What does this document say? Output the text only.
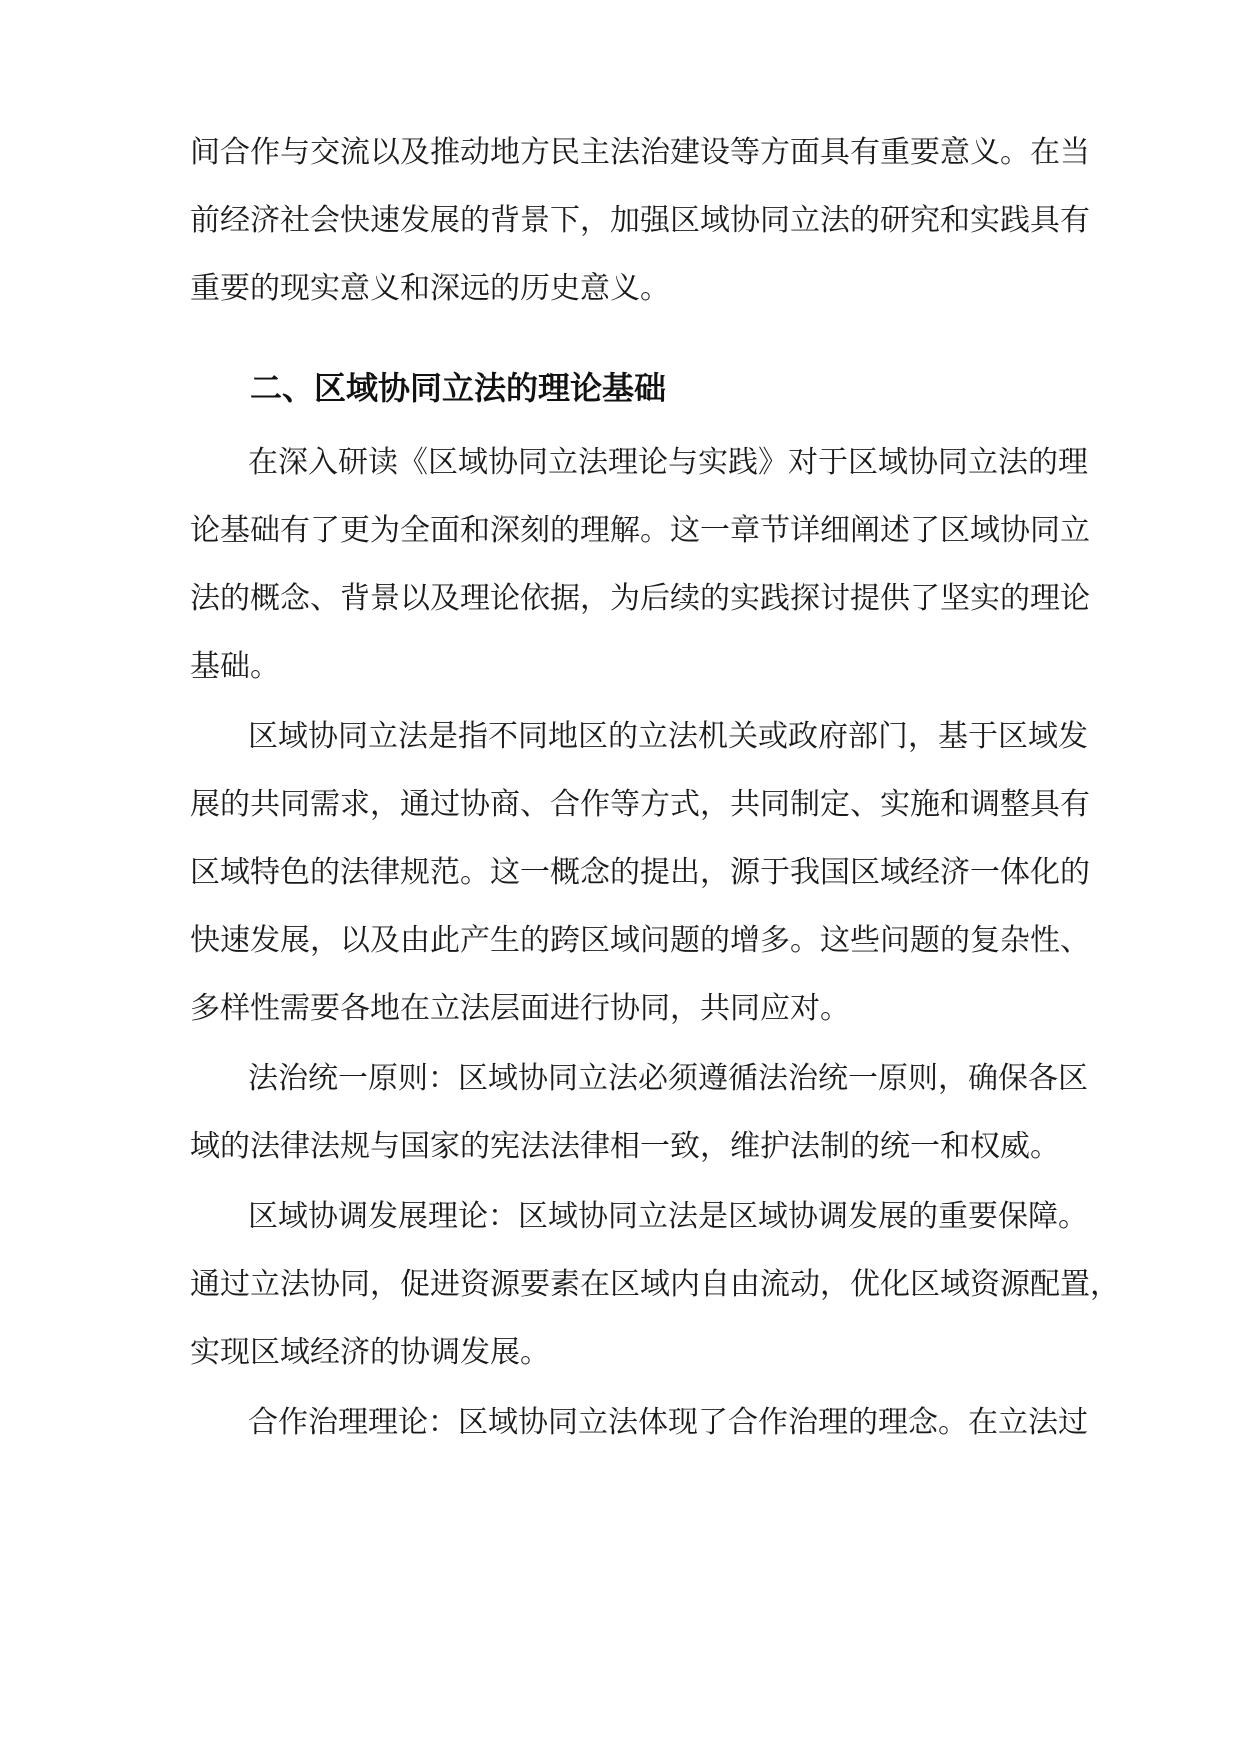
间合作与交流以及推动地方民主法治建设等方面具有重要意义。在当
前经济社会快速发展的背景下，加强区域协同立法的研究和实践具有
重要的现实意义和深远的历史意义。
二、区域协同立法的理论基础
在深入研读《区域协同立法理论与实践》对于区域协同立法的理
论基础有了更为全面和深刻的理解。这一章节详细阐述了区域协同立
法的概念、背景以及理论依据，为后续的实践探讨提供了坚实的理论
基础。
区域协同立法是指不同地区的立法机关或政府部门，基于区域发
展的共同需求，通过协商、合作等方式，共同制定、实施和调整具有
区域特色的法律规范。这一概念的提出，源于我国区域经济一体化的
快速发展，以及由此产生的跨区域问题的增多。这些问题的复杂性、
多样性需要各地在立法层面进行协同，共同应对。
法治统一原则：区域协同立法必须遵循法治统一原则，确保各区
域的法律法规与国家的宪法法律相一致，维护法制的统一和权威。
区域协调发展理论：区域协同立法是区域协调发展的重要保障。
通过立法协同，促进资源要素在区域内自由流动，优化区域资源配置，
实现区域经济的协调发展。
合作治理理论：区域协同立法体现了合作治理的理念。在立法过
